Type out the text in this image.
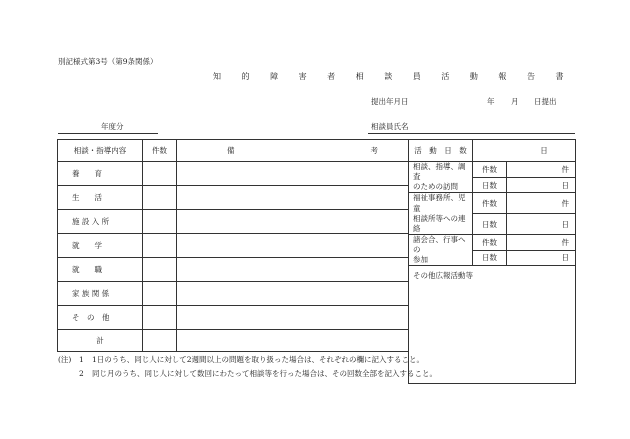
別記様式第3号（第9条関係）
知 的 障 害 者 相 談 員 活 動 報 告 書
提出年月日	年 月 日提出
年度分	相談員氏名
相談・指導内容	件数	備 考

養　　育		

生　　活		

施 設 入 所		

就　　学		

就　　職		

家 族 関 係		

そ　の　他		

計		
活　動　日　数	日	
相談、指導、調査
のための訪問	件数	件
	日数	日
福祉事務所、児童
相談所等への連絡	件数	件
	日数	日
諸会合、行事への
参加	件数	件
	日数	日
その他広報活動等		
(注) 1 1日のうち、同じ人に対して2週間以上の問題を取り扱った場合は、それぞれの欄に記入すること。
2 同じ月のうち、同じ人に対して数回にわたって相談等を行った場合は、その回数全部を記入すること。
